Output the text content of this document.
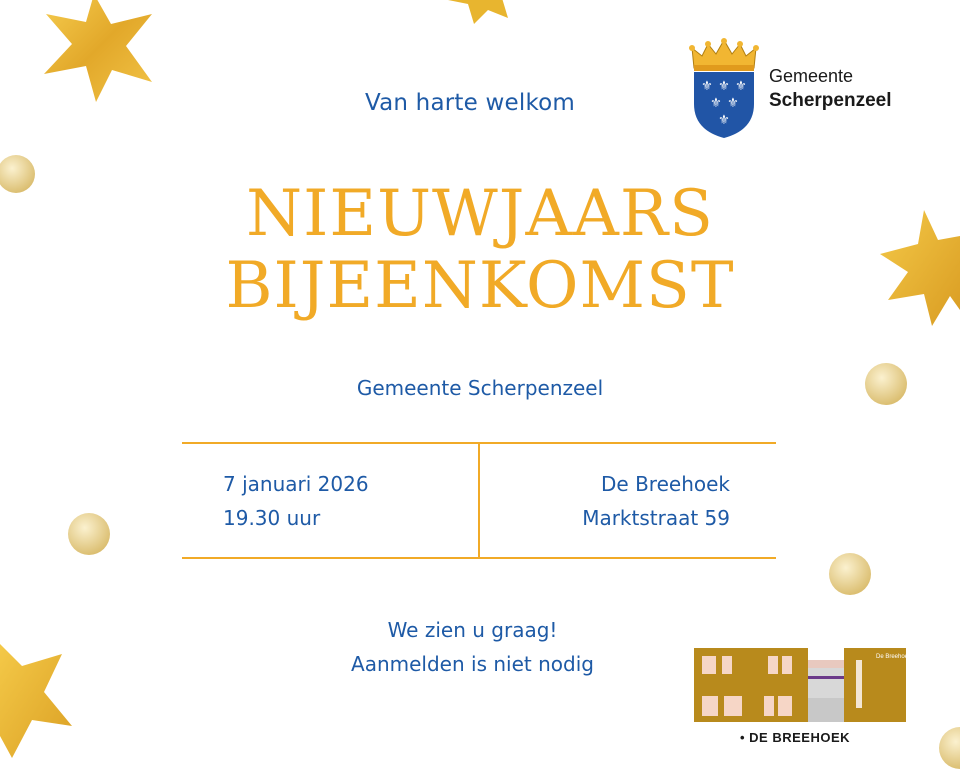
⚜ ⚜ ⚜
⚜ ⚜
⚜
Gemeente
Scherpenzeel
Van harte welkom
NIEUWJAARS
BIJEENKOMST
Gemeente Scherpenzeel
7 januari 2026
19.30 uur
De Breehoek
Marktstraat 59
We zien u graag!
Aanmelden is niet nodig	De Breehoek
• DE BREEHOEK
